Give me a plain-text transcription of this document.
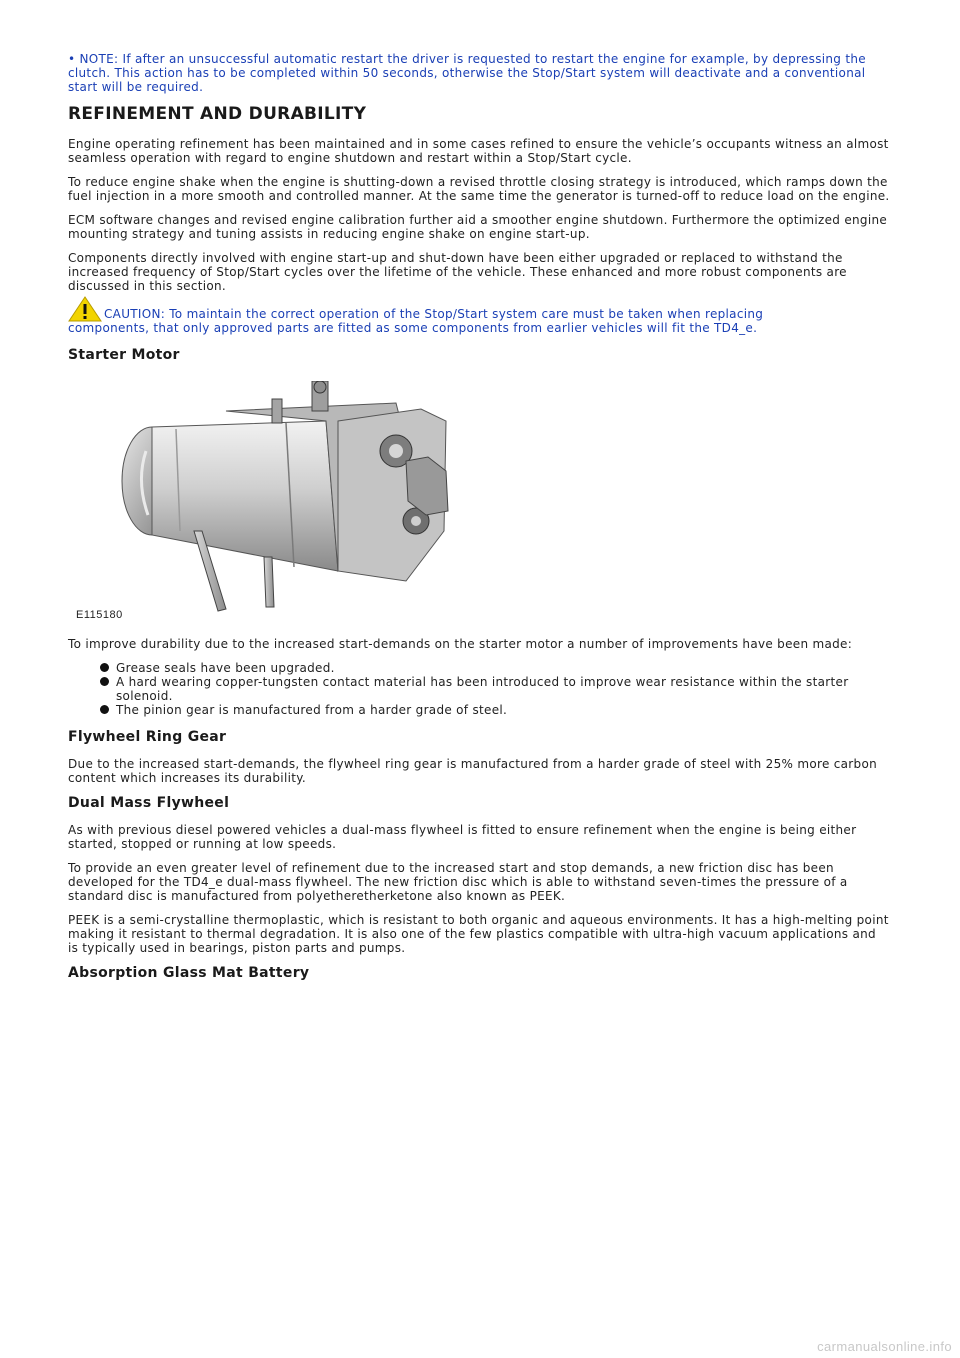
• NOTE: If after an unsuccessful automatic restart the driver is requested to restart the engine for example, by depressing the clutch. This action has to be completed within 50 seconds, otherwise the Stop/Start system will deactivate and a conventional start will be required.

REFINEMENT AND DURABILITY

Engine operating refinement has been maintained and in some cases refined to ensure the vehicle’s occupants witness an almost seamless operation with regard to engine shutdown and restart within a Stop/Start cycle.

To reduce engine shake when the engine is shutting-down a revised throttle closing strategy is introduced, which ramps down the fuel injection in a more smooth and controlled manner. At the same time the generator is turned-off to reduce load on the engine.

ECM software changes and revised engine calibration further aid a smoother engine shutdown. Furthermore the optimized engine mounting strategy and tuning assists in reducing engine shake on engine start-up.

Components directly involved with engine start-up and shut-down have been either upgraded or replaced to withstand the increased frequency of Stop/Start cycles over the lifetime of the vehicle. These enhanced and more robust components are discussed in this section.

CAUTION: To maintain the correct operation of the Stop/Start system care must be taken when replacing
components, that only approved parts are fitted as some components from earlier vehicles will fit the TD4_e.
Starter Motor
E115180

To improve durability due to the increased start-demands on the starter motor a number of improvements have been made:

Grease seals have been upgraded.
A hard wearing copper-tungsten contact material has been introduced to improve wear resistance within the starter solenoid.
The pinion gear is manufactured from a harder grade of steel.
Flywheel Ring Gear

Due to the increased start-demands, the flywheel ring gear is manufactured from a harder grade of steel with 25% more carbon content which increases its durability.

Dual Mass Flywheel

As with previous diesel powered vehicles a dual-mass flywheel is fitted to ensure refinement when the engine is being either started, stopped or running at low speeds.

To provide an even greater level of refinement due to the increased start and stop demands, a new friction disc has been developed for the TD4_e dual-mass flywheel. The new friction disc which is able to withstand seven-times the pressure of a standard disc is manufactured from polyetheretherketone also known as PEEK.

PEEK is a semi-crystalline thermoplastic, which is resistant to both organic and aqueous environments. It has a high-melting point making it resistant to thermal degradation. It is also one of the few plastics compatible with ultra-high vacuum applications and is typically used in bearings, piston parts and pumps.

Absorption Glass Mat Battery
carmanualsonline.info
